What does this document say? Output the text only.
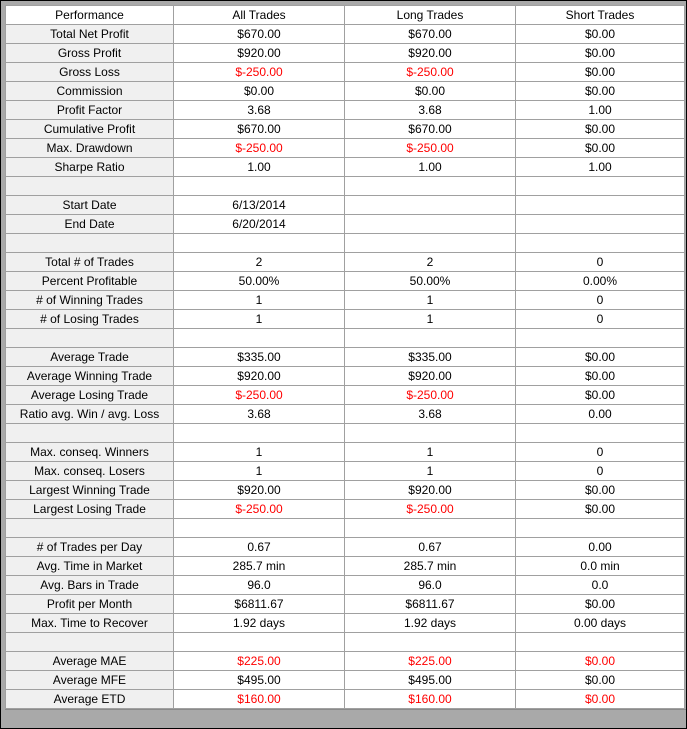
Performance	All Trades	Long Trades	Short Trades
Total Net Profit	$670.00	$670.00	$0.00
Gross Profit	$920.00	$920.00	$0.00
Gross Loss	$-250.00	$-250.00	$0.00
Commission	$0.00	$0.00	$0.00
Profit Factor	3.68	3.68	1.00
Cumulative Profit	$670.00	$670.00	$0.00
Max. Drawdown	$-250.00	$-250.00	$0.00
Sharpe Ratio	1.00	1.00	1.00

Start Date	6/13/2014		
End Date	6/20/2014		

Total # of Trades	2	2	0
Percent Profitable	50.00%	50.00%	0.00%
# of Winning Trades	1	1	0
# of Losing Trades	1	1	0

Average Trade	$335.00	$335.00	$0.00
Average Winning Trade	$920.00	$920.00	$0.00
Average Losing Trade	$-250.00	$-250.00	$0.00
Ratio avg. Win / avg. Loss	3.68	3.68	0.00

Max. conseq. Winners	1	1	0
Max. conseq. Losers	1	1	0
Largest Winning Trade	$920.00	$920.00	$0.00
Largest Losing Trade	$-250.00	$-250.00	$0.00

# of Trades per Day	0.67	0.67	0.00
Avg. Time in Market	285.7 min	285.7 min	0.0 min
Avg. Bars in Trade	96.0	96.0	0.0
Profit per Month	$6811.67	$6811.67	$0.00
Max. Time to Recover	1.92 days	1.92 days	0.00 days

Average MAE	$225.00	$225.00	$0.00
Average MFE	$495.00	$495.00	$0.00
Average ETD	$160.00	$160.00	$0.00
